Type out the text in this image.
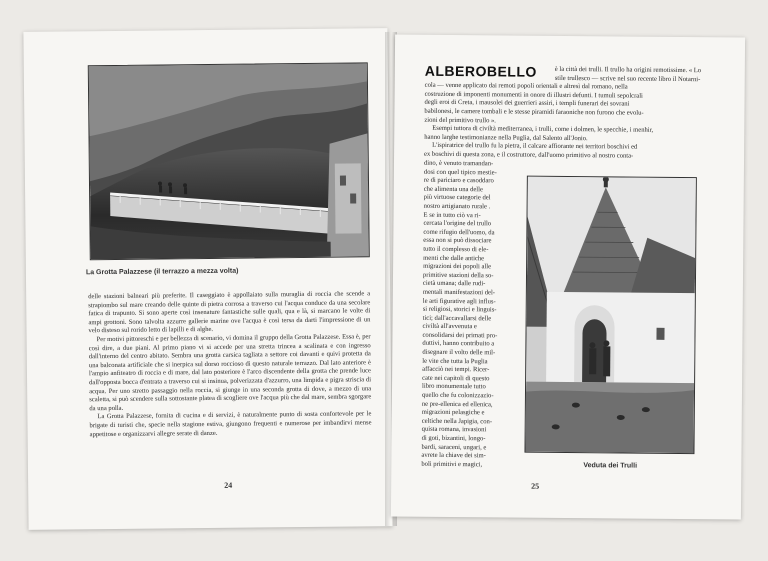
La Grotta Palazzese (il terrazzo a mezza volta)

delle stazioni balneari più preferite. Il caseggiato è appollaiato sulla muraglia di roccia che scende a strapiombo sul mare creando delle quinte di pietra corrosa a traverso cui l'acqua conduce da una secolare fatica di trapunto. Si sono aperte così insenature fantastiche sulle quali, qua e là, si marcano le volte di ampi grottoni. Sono talvolta azzurre gallerie marine ove l'acqua è così tersa da darti l'impressione di un velo disteso sul rorido letto di lapilli e di alghe.

Per motivi pittoreschi e per bellezza di scenario, vi domina il gruppo della Grotta Palazzese. Essa è, per così dire, a due piani. Al primo piano vi si accede per una stretta trincea a scalinata e con ingresso dall'interno del centro abitato. Sembra una grotta carsica tagliata a settore coi davanti e quivi protetta da una balconata artificiale che si inerpica sul dorso roccioso di questo naturale terrazzo. Dal lato anteriore è l'ampio anfiteatro di roccia e di mare, dal lato posteriore è l'arco discendente della grotta che prende luce dall'opposta bocca d'entrata a traverso cui si insinua, polverizzata d'azzurro, una limpida e pigra striscia di acqua. Per uno stretto passaggio nella roccia, si giunge in una seconda grotta di dove, a mezzo di una scaletta, si può scendere sulla sottostante platea di scogliere ove l'acqua più che dal mare, sembra sgorgare da una polla.

La Grotta Palazzese, fornita di cucina e di servizi, è naturalmente punto di sosta confortevole per le brigate di turisti che, specie nella stagione estiva, giungono frequenti e numerose per imbandirvi mense appetitose e organizzarvi allegre serate di danze.

24
ALBEROBELLO	è la città dei trulli. Il trullo ha origini remotissime. « Lo
stile trullesco — scrive nel suo recente libro il Notarni-
cola — venne applicato dai remoti popoli orientali e altresì dal romano, nella
costruzione di imponenti monumenti in onore di illustri defunti. I tumuli sepolcrali
degli eroi di Creta, i mausolei dei guerrieri assiri, i templi funerari dei sovrani
babilonesi, le camere tombali e le stesse piramidi faraoniche non furono che evolu-
zioni del primitivo trullo ».
Esempi tuttora di civiltà mediterranea, i trulli, come i dolmen, le specchie, i menhir,
hanno larghe testimonianze nella Puglia, dal Salento all'Jonio.
L'ispiratrice del trullo fu la pietra, il calcare affiorante nei territori boschivi ed
ex boschivi di questa zona, e il costruttore, dall'uomo primitivo al nostro conta-
dino, è venuto tramandan-
dosi con quel tipico mestie-
re di pariciaro e casoddaro
che alimenta una delle
più virtuose categorie del
nostro artigianato rurale .
E se in tutto ciò va ri-
cercata l'origine del trullo
come rifugio dell'uomo, da
essa non si può dissociare
tutto il complesso di ele-
menti che dalle antiche
migrazioni dei popoli alle
primitive stazioni della so-
cietà umana; dalle rudi-
mentali manifestazioni del-
le arti figurative agli influs-
si religiosi, storici e linguis-
tici; dall'accavallarsi delle
civiltà all'avvenuta e
consolidarsi dei primati pro-
duttivi, hanno contribuito a
disegnare il volto delle mil-
le vite che tutta la Puglia
affacciò nei tempi. Ricer-
cate nei capitoli di questo
libro monumentale tutto
quello che fu colonizzazio-
ne pre-ellenica ed ellenica,
migrazioni pelasgiche e
celtiche nella Japigia, con-
quista romana, invasioni
di goti, bizantini, longo-
bardi, saraceni, ungari, e
avrete la chiave dei sim-
boli primitivi e magici,	Veduta dei Trulli
25
